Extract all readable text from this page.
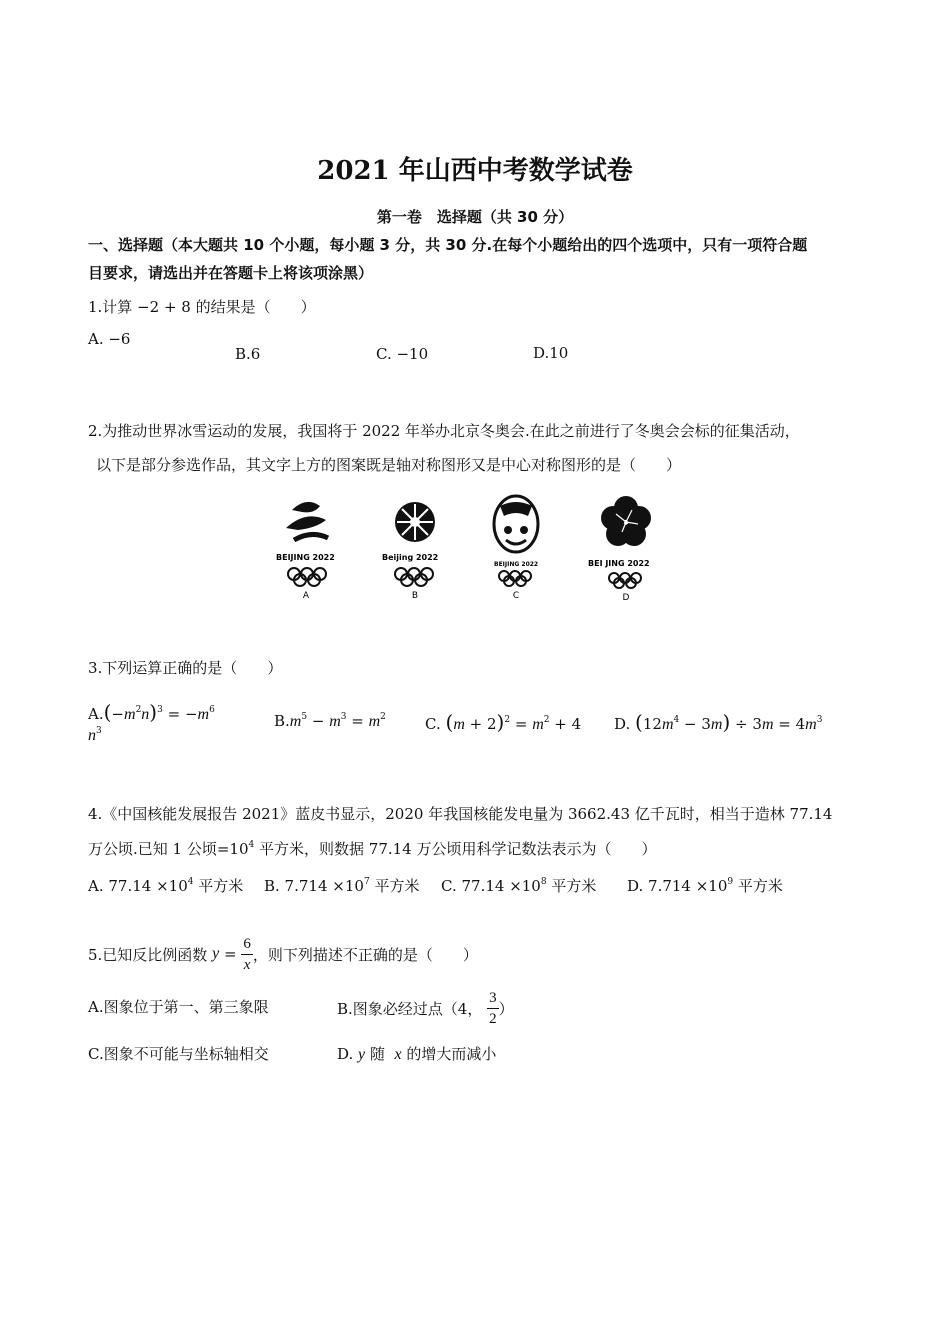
2021 年山西中考数学试卷
第一卷　选择题（共 30 分）
一、选择题（本大题共 10 个小题，每小题 3 分，共 30 分.在每个小题给出的四个选项中，只有一项符合题
目要求，请选出并在答题卡上将该项涂黑）
1.计算 −2 + 8 的结果是（　　）
A. −6
B.6	C. −10	D.10
2.为推动世界冰雪运动的发展，我国将于 2022 年举办北京冬奥会.在此之前进行了冬奥会会标的征集活动，
以下是部分参选作品，其文字上方的图案既是轴对称图形又是中心对称图形的是（　　）
BEIJING 2022
A
Beijing 2022
B
BEIJING 2022
C
BEI JING 2022
D
3.下列运算正确的是（　　）
$A.(-m^2n)^3 = -m^6$
$n^3$
$B.m^5 - m^3 = m^2$	C. $(m + 2)^2 = m^2 + 4$ D. $(12m^4 - 3m) \div 3m = 4m^3$
4.《中国核能发展报告 2021》蓝皮书显示，2020 年我国核能发电量为 3662.43 亿千瓦时，相当于造林 77.14
万公顷.已知 1 公顷$=10^4$ 平方米，则数据 77.14 万公顷用科学记数法表示为（　　）
A. $77.14 \times 10^4$ 平方米 B. $7.714 \times 10^7$ 平方米 C. $77.14 \times 10^8$ 平方米 D. $7.714 \times 10^9$ 平方米
5.已知反比例函数
$y = \frac{6}{x}$ ，则下列描述不正确的是（　　）
A.图象位于第一、第三象限	B.图象必经过点（4，
$\frac{3}{2}$ ）
C.图象不可能与坐标轴相交	D. y 随 x 的增大而减小
